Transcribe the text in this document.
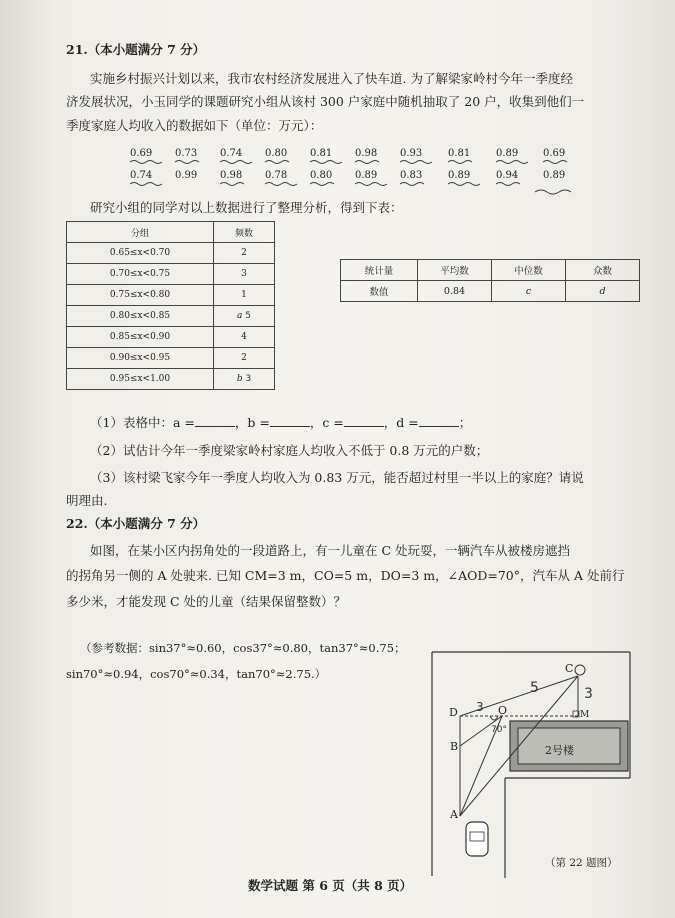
21.（本小题满分 7 分）
实施乡村振兴计划以来，我市农村经济发展进入了快车道. 为了解梁家岭村今年一季度经
济发展状况，小玉同学的课题研究小组从该村 300 户家庭中随机抽取了 20 户，收集到他们一
季度家庭人均收入的数据如下（单位：万元）：
0.69 0.73 0.74 0.80 0.81 0.98 0.93	0.81	0.89 0.69
0.74 0.99 0.98 0.78 0.80 0.89 0.83	0.89	0.94 0.89
研究小组的同学对以上数据进行了整理分析，得到下表：
分组	频数
0.65≤x<0.70	2
0.70≤x<0.75	3
0.75≤x<0.80	1
0.80≤x<0.85	a 5
0.85≤x<0.90	4
0.90≤x<0.95	2
0.95≤x<1.00	b 3
统计量	平均数	中位数	众数
数值	0.84	c	d
（1）表格中：a =	，b =	，c =	，d =	；
（2）试估计今年一季度梁家岭村家庭人均收入不低于 0.8 万元的户数；
（3）该村梁飞家今年一季度人均收入为 0.83 万元，能否超过村里一半以上的家庭？请说
明理由.
22.（本小题满分 7 分）
如图，在某小区内拐角处的一段道路上，有一儿童在 C 处玩耍，一辆汽车从被楼房遮挡
的拐角另一侧的 A 处驶来. 已知 CM=3 m，CO=5 m，DO=3 m，∠AOD=70°，汽车从 A 处前行
多少米，才能发现 C 处的儿童（结果保留整数）？
（参考数据：sin37°≈0.60，cos37°≈0.80，tan37°≈0.75；
sin70°≈0.94，cos70°≈0.34，tan70°≈2.75.）	C
D	O	M
B
A
2号楼
5	3
3
70°
（第 22 题图）
数学试题 第 6 页（共 8 页）
